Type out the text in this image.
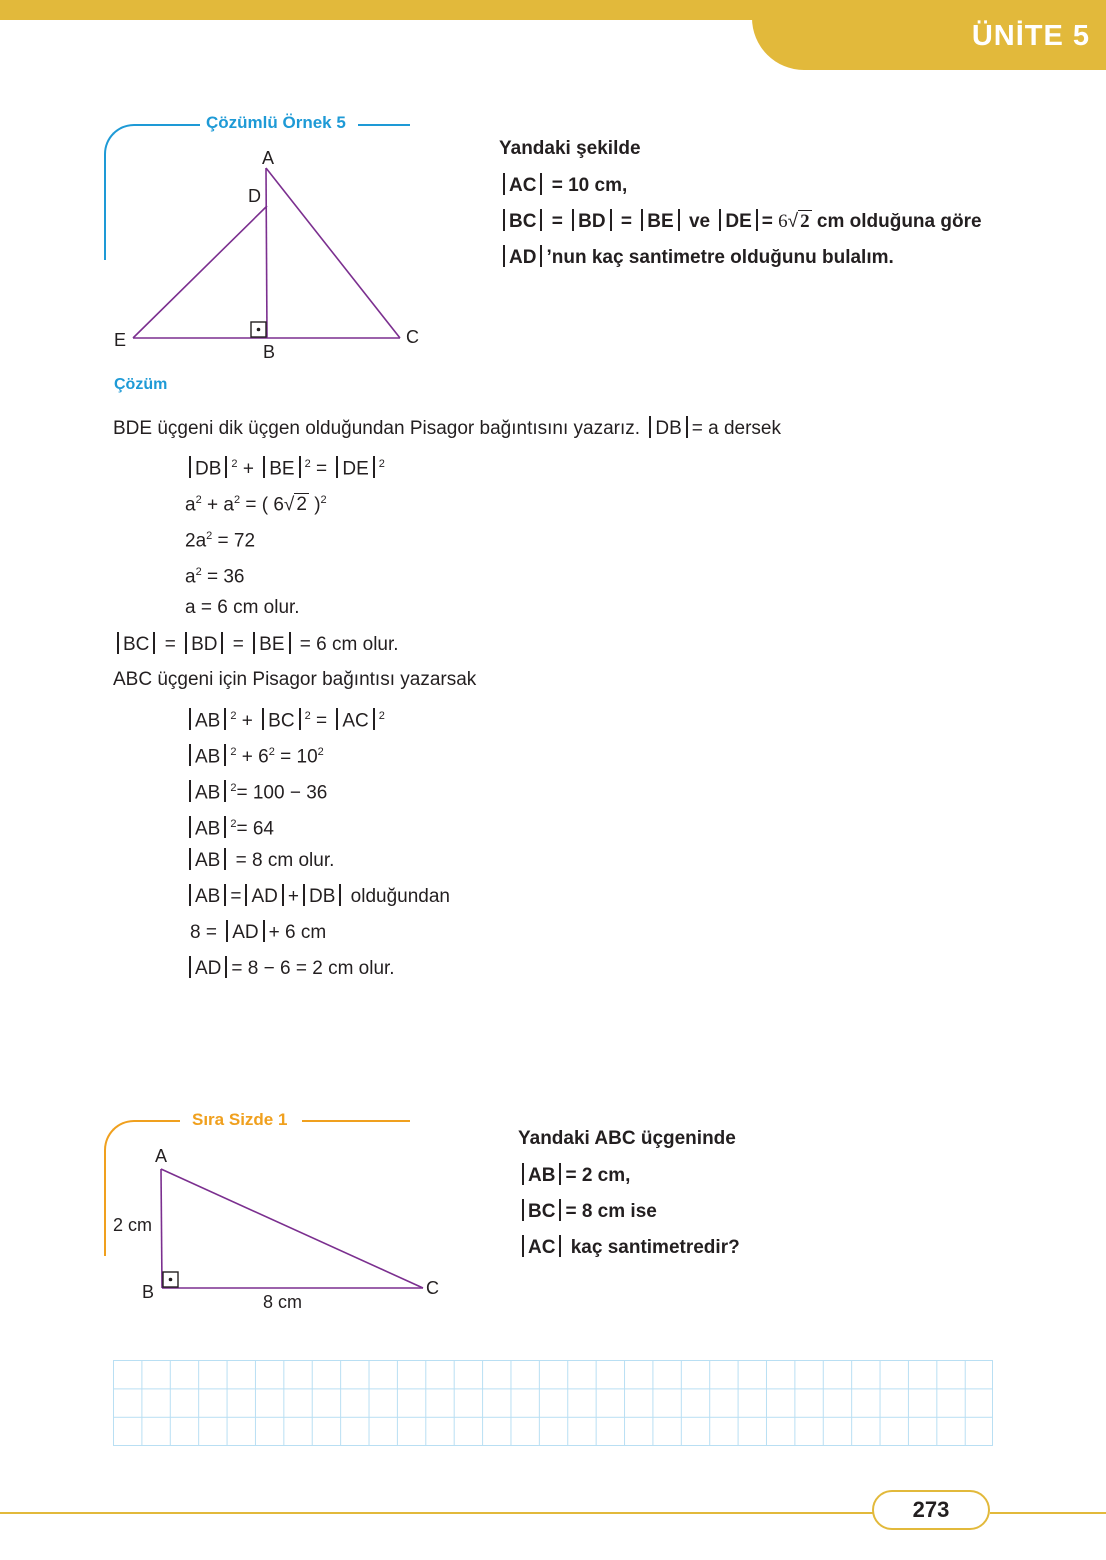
ÜNİTE 5
Çözümlü Örnek 5
A
D
E
B
C
Yandaki şekilde
AC = 10 cm,
BC = BD = BE ve DE = 6√ 2 cm olduğuna göre
AD ’nun kaç santimetre olduğunu bulalım.
Çözüm
BDE üçgeni dik üçgen olduğundan Pisagor bağıntısını yazarız. DB = a dersek
DB $^2$ + BE $^2$ = DE $^2$
$a^2 + a^2$ = ( 6√ 2 )$^2$
$2a^2 = 72$
$a^2 = 36$
a = 6 cm olur.
BC = BD = BE = 6 cm olur.
ABC üçgeni için Pisagor bağıntısı yazarsak
AB $^2$ + BC $^2$ = AC $^2$
AB $^2 + 6^2 = 10^2$
AB $^2$= 100 − 36
AB $^2$= 64
AB = 8 cm olur.
AB = AD + DB olduğundan
8 = AD + 6 cm
AD = 8 − 6 = 2 cm olur.
Sıra Sizde 1
A
2 cm
B	8 cm
C
Yandaki ABC üçgeninde
AB = 2 cm,
BC = 8 cm ise
AC kaç santimetredir?
273
